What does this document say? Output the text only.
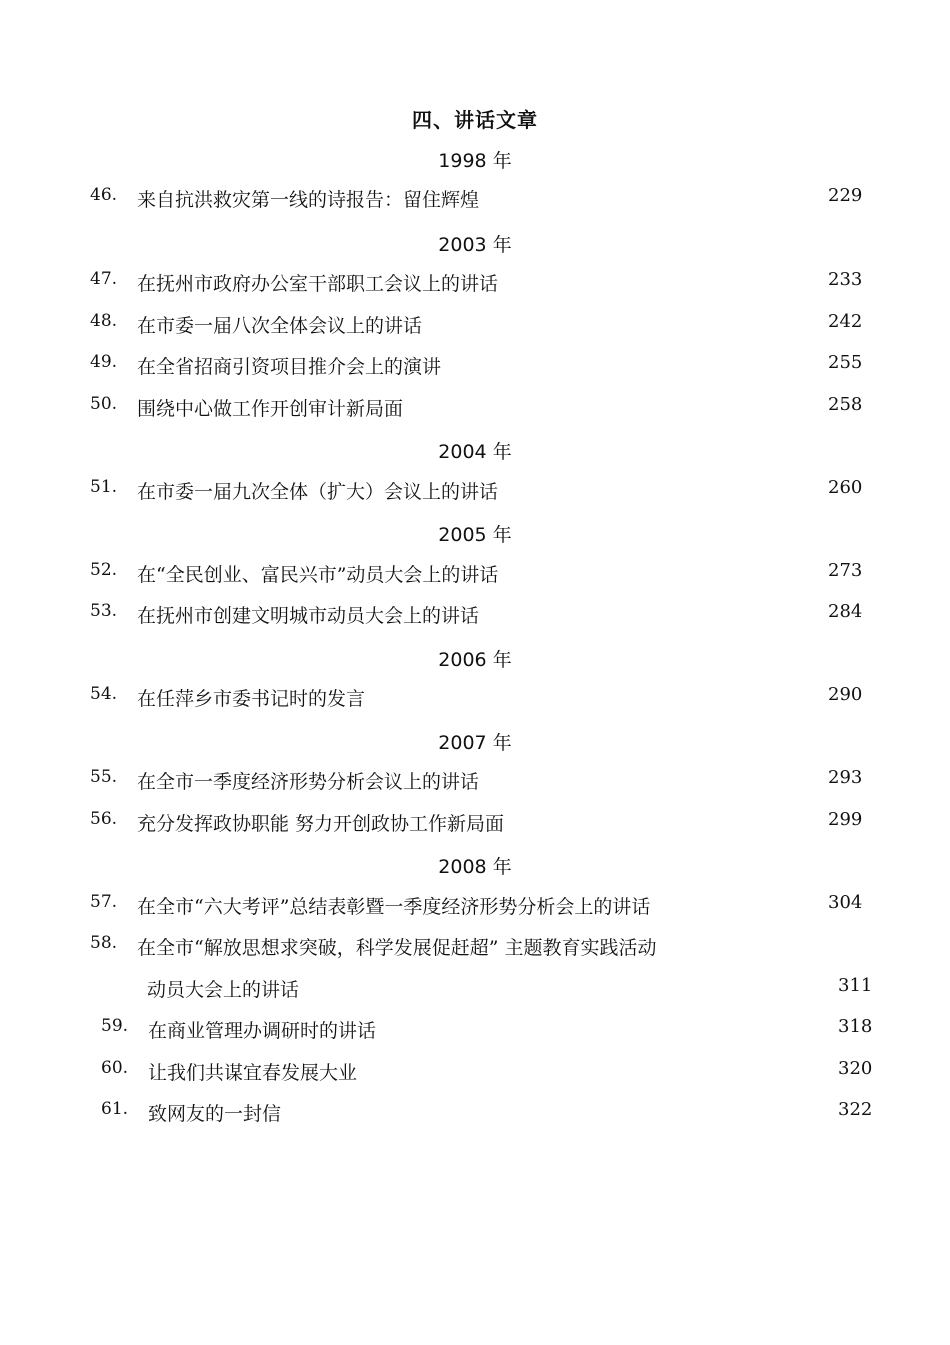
四、讲话文章
1998 年
46. 来自抗洪救灾第一线的诗报告：留住辉煌	229
2003 年
47. 在抚州市政府办公室干部职工会议上的讲话	233
48. 在市委一届八次全体会议上的讲话	242
49. 在全省招商引资项目推介会上的演讲	255
50. 围绕中心做工作开创审计新局面	258
2004 年
51. 在市委一届九次全体（扩大）会议上的讲话	260
2005 年
52. 在“全民创业、富民兴市”动员大会上的讲话	273
53. 在抚州市创建文明城市动员大会上的讲话	284
2006 年
54. 在任萍乡市委书记时的发言	290
2007 年
55. 在全市一季度经济形势分析会议上的讲话	293
56. 充分发挥政协职能 努力开创政协工作新局面	299
2008 年
57. 在全市“六大考评”总结表彰暨一季度经济形势分析会上的讲话	304
58. 在全市“解放思想求突破，科学发展促赶超” 主题教育实践活动
动员大会上的讲话	311
59. 在商业管理办调研时的讲话	318
60. 让我们共谋宜春发展大业	320
61. 致网友的一封信	322
